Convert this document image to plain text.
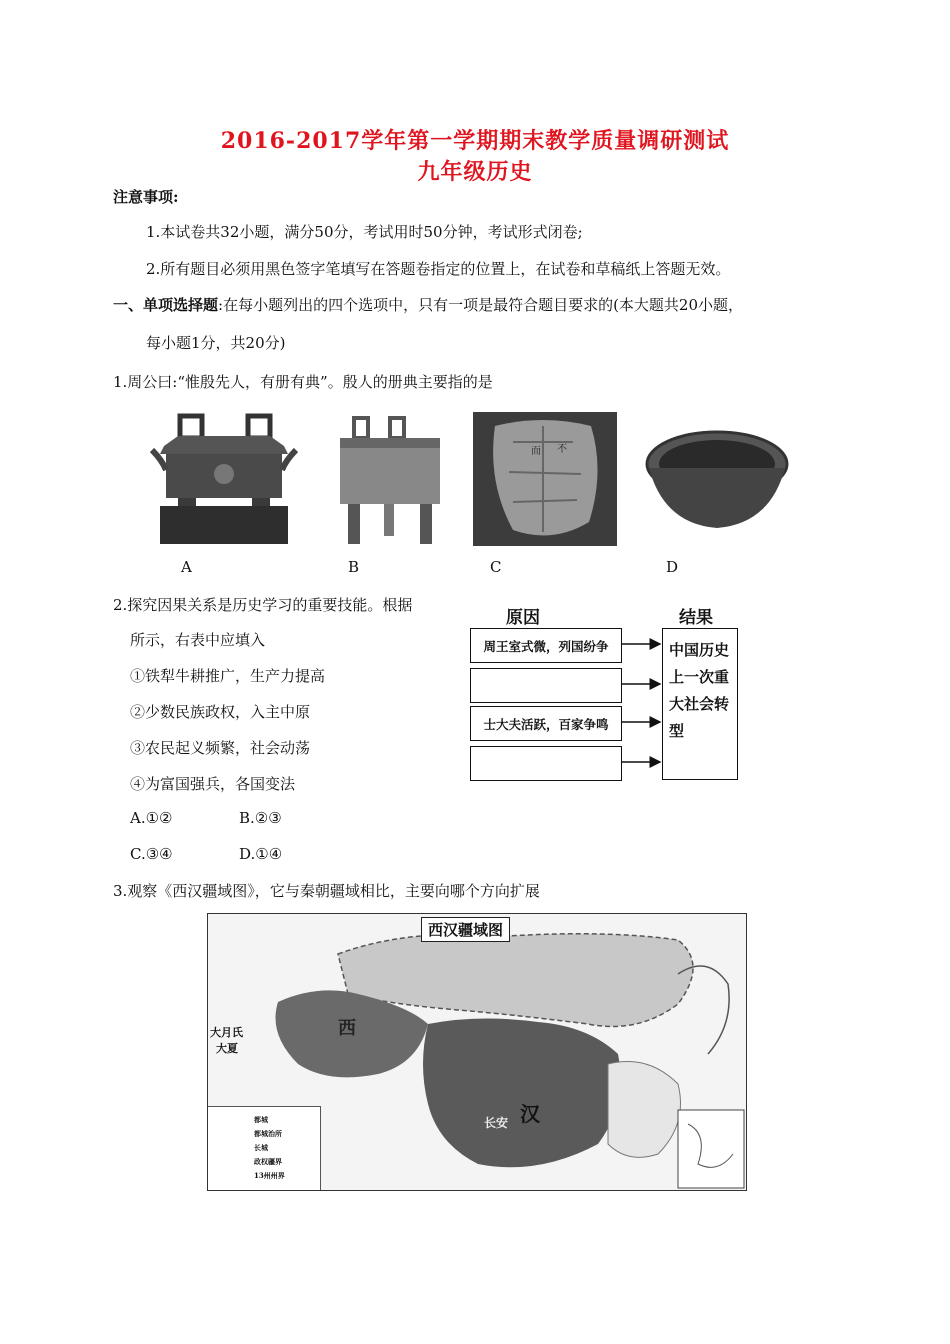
2016-2017学年第一学期期末教学质量调研测试
九年级历史
注意事项:
1.本试卷共32小题，满分50分，考试用时50分钟，考试形式闭卷;
2.所有题目必须用黑色签字笔填写在答题卷指定的位置上，在试卷和草稿纸上答题无效。
一、单项选择题:在每小题列出的四个选项中，只有一项是最符合题目要求的(本大题共20小题，
每小题1分，共20分)
1.周公曰:“惟殷先人，有册有典”。殷人的册典主要指的是
而 不
A	B	C	D
2.探究因果关系是历史学习的重要技能。根据
所示，右表中应填入
①铁犁牛耕推广，生产力提高
②少数民族政权，入主中原
③农民起义频繁，社会动荡
④为富国强兵，各国变法
A.①②	B.②③
C.③④	D.①④
原因	结果
周王室式微，列国纷争
士大夫活跃，百家争鸣
中国历史上一次重大社会转型
3.观察《西汉疆域图》，它与秦朝疆域相比，主要向哪个方向扩展
西汉疆域图
大月氏
大夏
西
长安 汉
都城
都城治所
长城
政权疆界
13州州界
